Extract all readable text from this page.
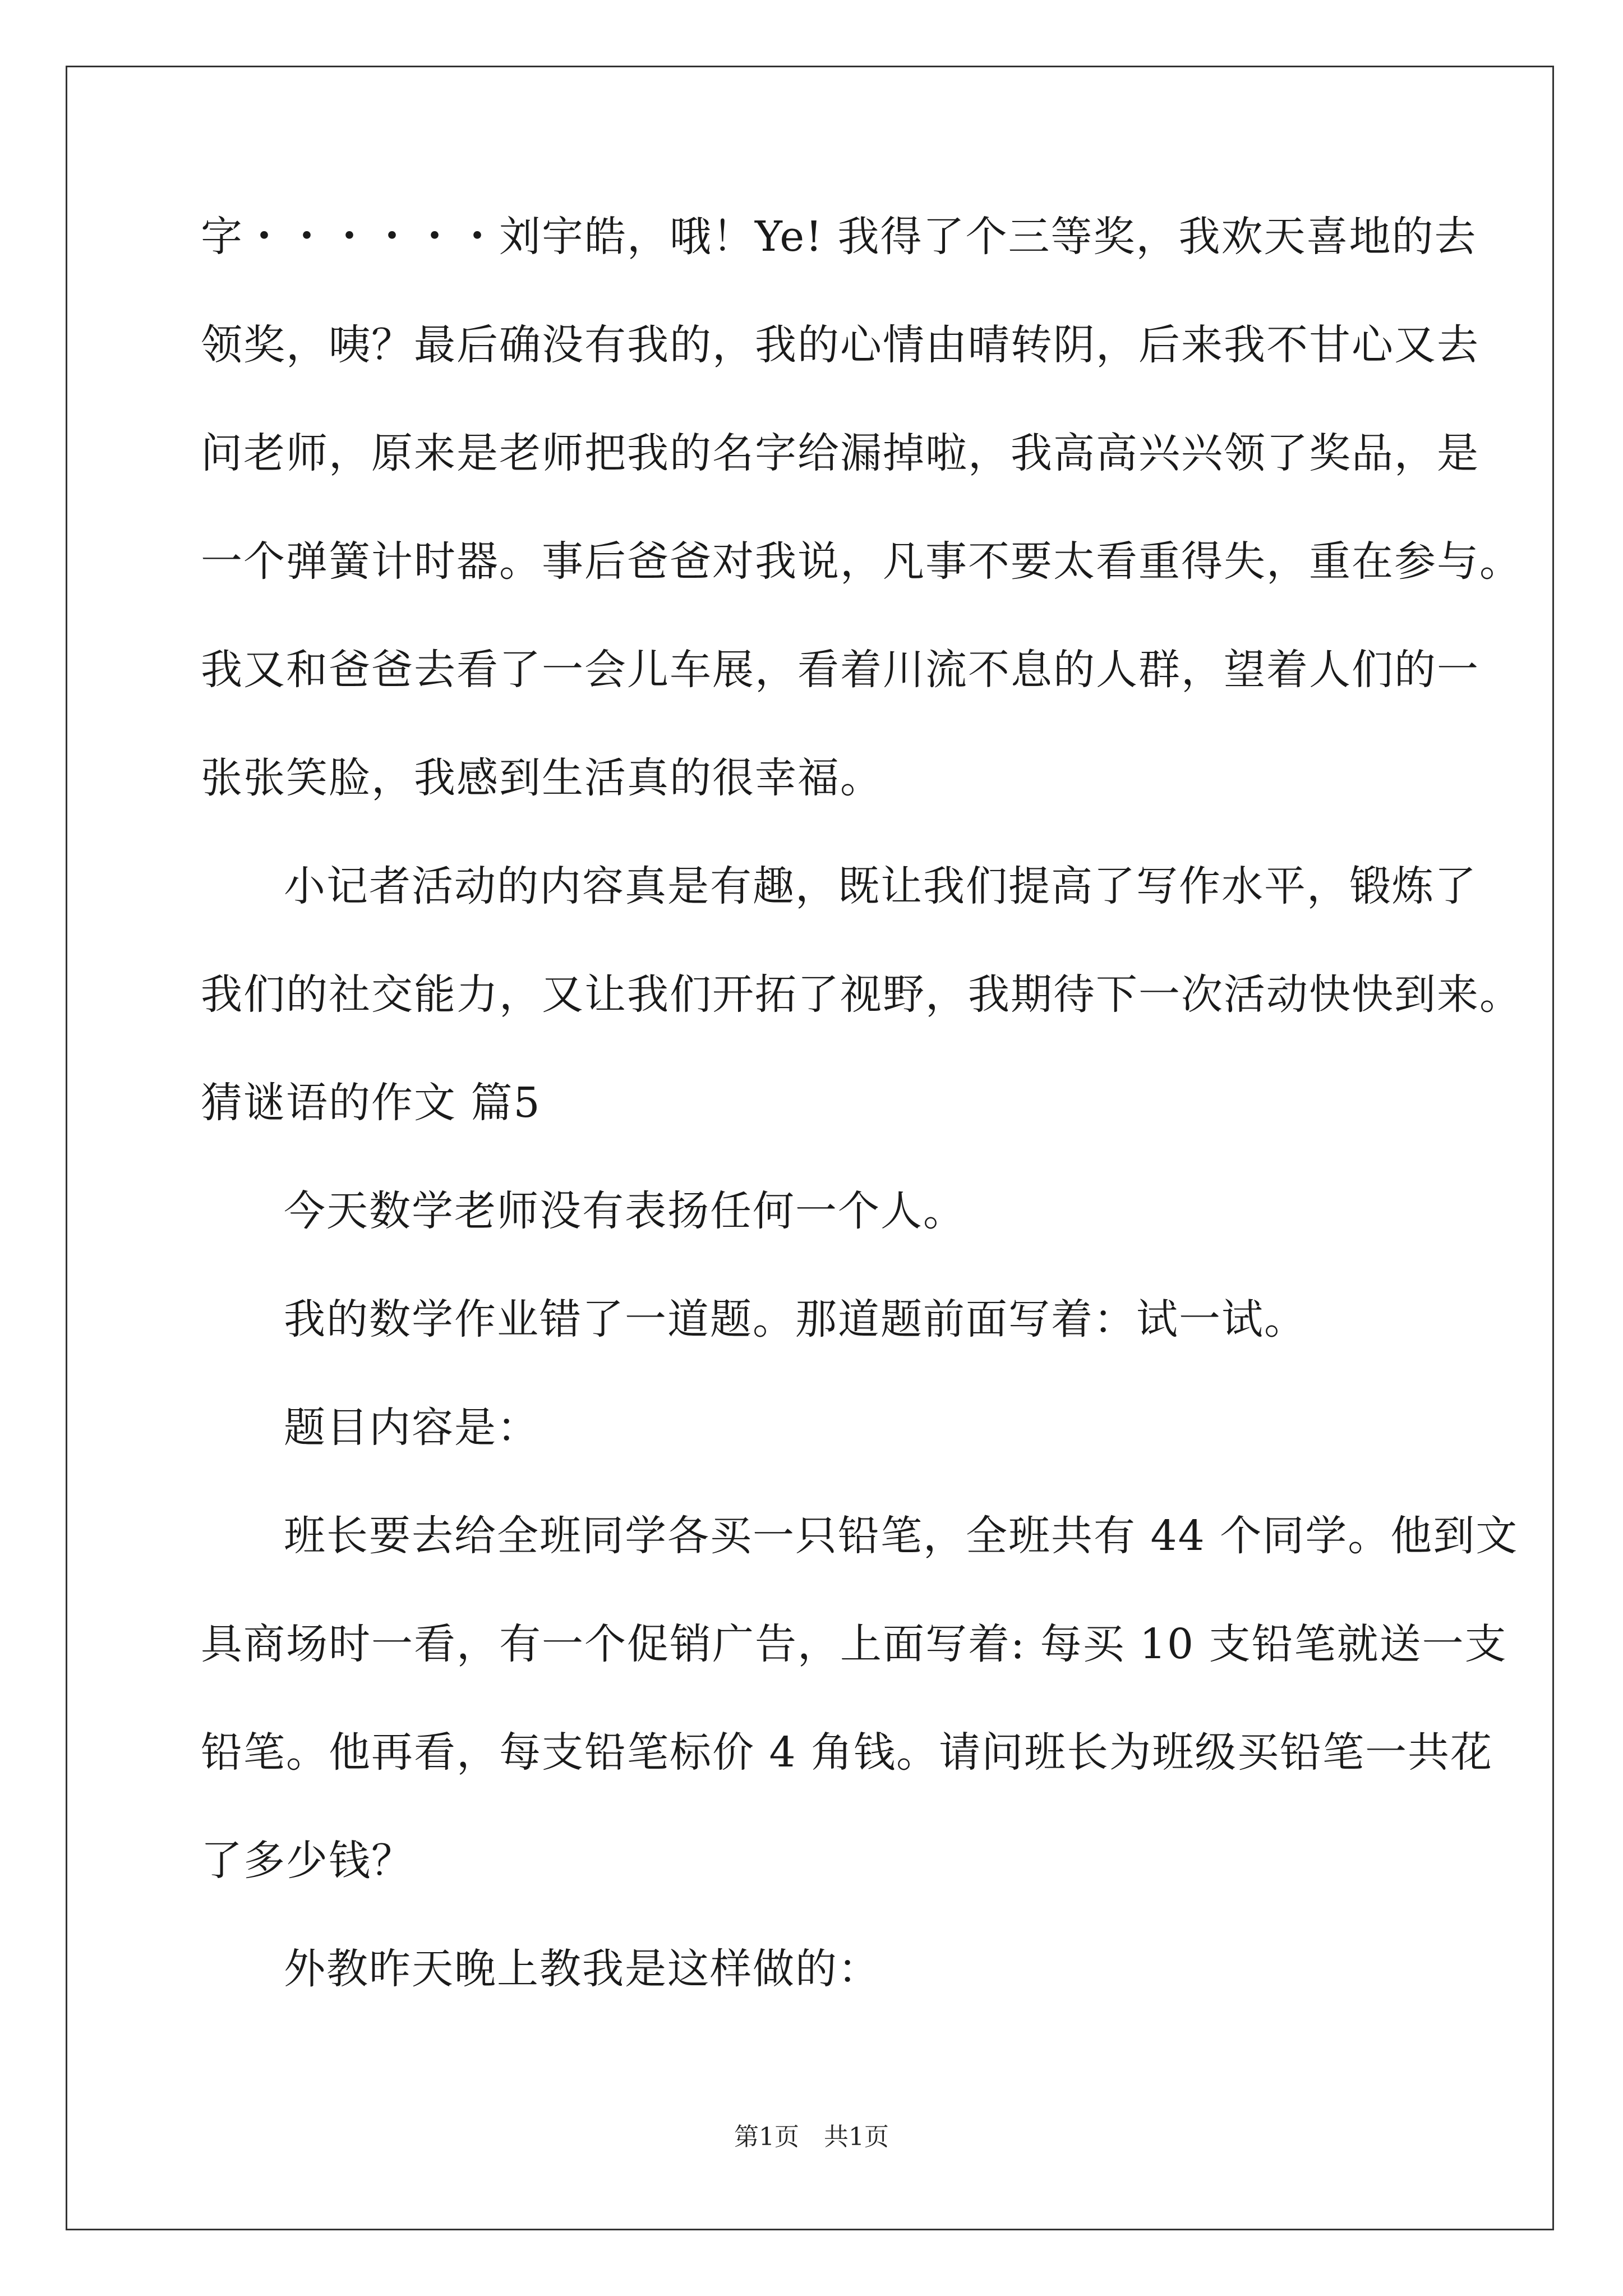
字・・・・・・刘宇皓，哦！Ye! 我得了个三等奖，我欢天喜地的去
领奖，咦？最后确没有我的，我的心情由晴转阴，后来我不甘心又去
问老师，原来是老师把我的名字给漏掉啦，我高高兴兴领了奖品，是
一个弹簧计时器。事后爸爸对我说，凡事不要太看重得失，重在参与。
我又和爸爸去看了一会儿车展，看着川流不息的人群，望着人们的一
张张笑脸，我感到生活真的很幸福。
小记者活动的内容真是有趣，既让我们提高了写作水平，锻炼了
我们的社交能力，又让我们开拓了视野，我期待下一次活动快快到来。
猜谜语的作文 篇5
今天数学老师没有表扬任何一个人。
我的数学作业错了一道题。那道题前面写着：试一试。
题目内容是：
班长要去给全班同学各买一只铅笔，全班共有 44 个同学。他到文
具商场时一看，有一个促销广告，上面写着: 每买 10 支铅笔就送一支
铅笔。他再看，每支铅笔标价 4 角钱。请问班长为班级买铅笔一共花
了多少钱？
外教昨天晚上教我是这样做的：
第1页　共1页
